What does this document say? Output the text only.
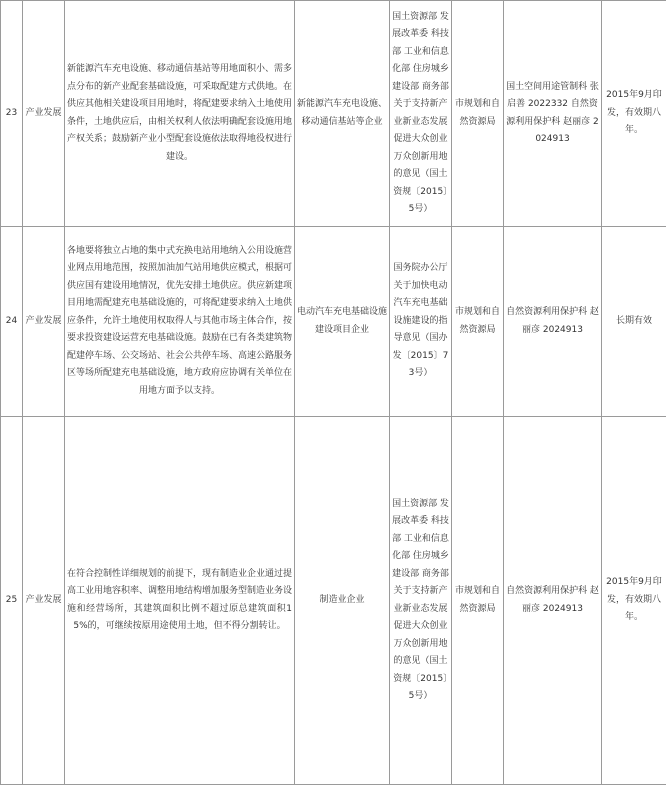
23	产业发展	新能源汽车充电设施、移动通信基站等用地面积小、需多点分布的新产业配套基础设施，可采取配建方式供地。在供应其他相关建设项目用地时，将配建要求纳入土地使用条件，土地供应后，由相关权利人依法明确配套设施用地产权关系；鼓励新产业小型配套设施依法取得地役权进行建设。	新能源汽车充电设施、移动通信基站等企业	国土资源部 发展改革委 科技部 工业和信息化部 住房城乡建设部 商务部关于支持新产业新业态发展促进大众创业万众创新用地的意见（国土资规〔2015〕5号）	市规划和自然资源局	国土空间用途管制科 张启善 2022332 自然资源利用保护科 赵丽彦 2024913	2015年9月印发，有效期八年。
24	产业发展	各地要将独立占地的集中式充换电站用地纳入公用设施营业网点用地范围，按照加油加气站用地供应模式，根据可供应国有建设用地情况，优先安排土地供应。供应新建项目用地需配建充电基础设施的，可将配建要求纳入土地供应条件，允许土地使用权取得人与其他市场主体合作，按要求投资建设运营充电基础设施。鼓励在已有各类建筑物配建停车场、公交场站、社会公共停车场、高速公路服务区等场所配建充电基础设施，地方政府应协调有关单位在用地方面予以支持。	电动汽车充电基础设施建设项目企业	国务院办公厅关于加快电动汽车充电基础设施建设的指导意见（国办发〔2015〕73号）	市规划和自然资源局	自然资源利用保护科 赵丽彦 2024913	长期有效
25	产业发展	在符合控制性详细规划的前提下，现有制造业企业通过提高工业用地容积率、调整用地结构增加服务型制造业务设施和经营场所，其建筑面积比例不超过原总建筑面积15%的，可继续按原用途使用土地，但不得分割转让。	制造业企业	国土资源部 发展改革委 科技部 工业和信息化部 住房城乡建设部 商务部关于支持新产业新业态发展促进大众创业万众创新用地的意见（国土资规〔2015〕5号）	市规划和自然资源局	自然资源利用保护科 赵丽彦 2024913	2015年9月印发，有效期八年。
